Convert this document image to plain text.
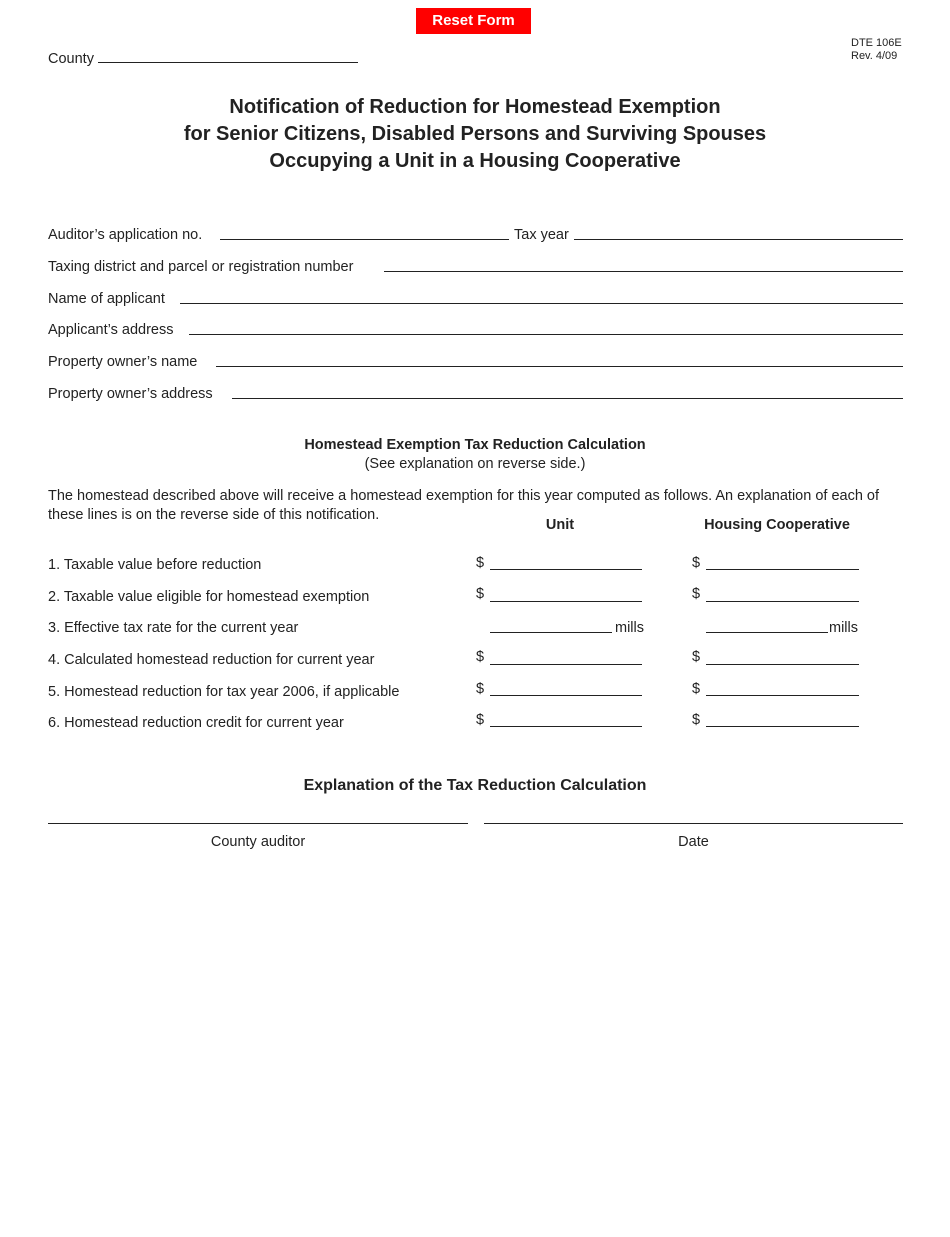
Reset Form
County	Rev. 4/09
Notification of Reduction for Homestead Exemption
for Senior Citizens, Disabled Persons and Surviving Spouses
Occupying a Unit in a Housing Cooperative
Auditor’s application no.	Tax year
Taxing district and parcel or registration number
Name of applicant
Applicant’s address
Property owner’s name
Property owner’s address
Homestead Exemption Tax Reduction Calculation
(See explanation on reverse side.)
The homestead described above will receive a homestead exemption for this year computed as follows. An explanation of each of these lines is on the reverse side of this notification.
Unit	Housing Cooperative
1. Taxable value before reduction	$	$
2. Taxable value eligible for homestead exemption	$	$
3. Effective tax rate for the current year	mills	mills
4. Calculated homestead reduction for current year	$	$
5. Homestead reduction for tax year 2006, if applicable	$	$
6. Homestead reduction credit for current year	$	$
Explanation of the Tax Reduction Calculation
County auditor	Date
DTE 106E
